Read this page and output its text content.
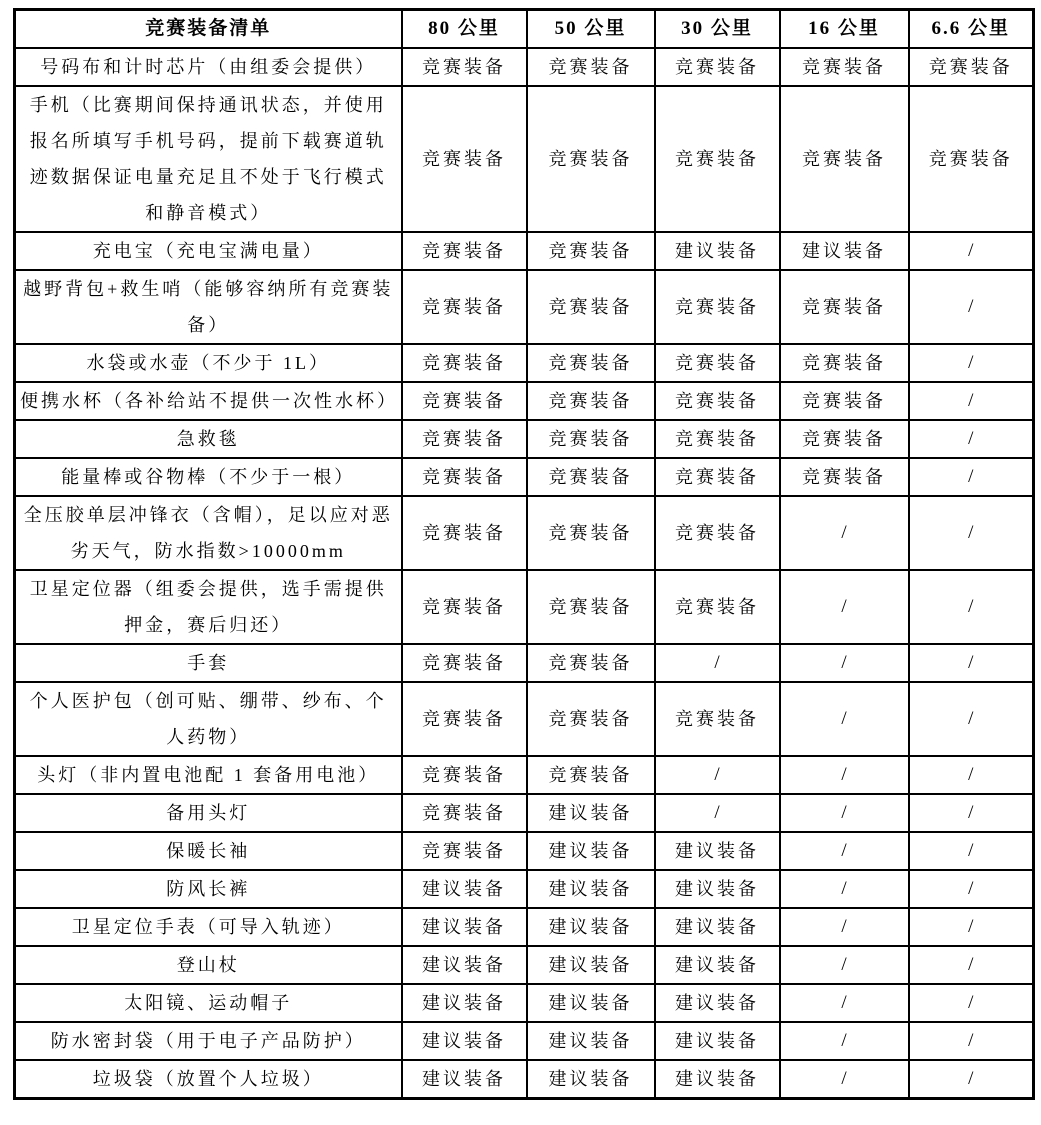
竞赛装备清单	80 公里	50 公里	30 公里	16 公里	6.6 公里
号码布和计时芯片（由组委会提供）	竞赛装备	竞赛装备	竞赛装备	竞赛装备	竞赛装备
手机（比赛期间保持通讯状态，并使用报名所填写手机号码，提前下载赛道轨迹数据保证电量充足且不处于飞行模式和静音模式）	竞赛装备	竞赛装备	竞赛装备	竞赛装备	竞赛装备
充电宝（充电宝满电量）	竞赛装备	竞赛装备	建议装备	建议装备	/
越野背包+救生哨（能够容纳所有竞赛装备）	竞赛装备	竞赛装备	竞赛装备	竞赛装备	/
水袋或水壶（不少于 1L）	竞赛装备	竞赛装备	竞赛装备	竞赛装备	/
便携水杯（各补给站不提供一次性水杯）	竞赛装备	竞赛装备	竞赛装备	竞赛装备	/
急救毯	竞赛装备	竞赛装备	竞赛装备	竞赛装备	/
能量棒或谷物棒（不少于一根）	竞赛装备	竞赛装备	竞赛装备	竞赛装备	/
全压胶单层冲锋衣（含帽），足以应对恶劣天气，防水指数>10000mm	竞赛装备	竞赛装备	竞赛装备	/	/
卫星定位器（组委会提供，选手需提供押金，赛后归还）	竞赛装备	竞赛装备	竞赛装备	/	/
手套	竞赛装备	竞赛装备	/	/	/
个人医护包（创可贴、绷带、纱布、个人药物）	竞赛装备	竞赛装备	竞赛装备	/	/
头灯（非内置电池配 1 套备用电池）	竞赛装备	竞赛装备	/	/	/
备用头灯	竞赛装备	建议装备	/	/	/
保暖长袖	竞赛装备	建议装备	建议装备	/	/
防风长裤	建议装备	建议装备	建议装备	/	/
卫星定位手表（可导入轨迹）	建议装备	建议装备	建议装备	/	/
登山杖	建议装备	建议装备	建议装备	/	/
太阳镜、运动帽子	建议装备	建议装备	建议装备	/	/
防水密封袋（用于电子产品防护）	建议装备	建议装备	建议装备	/	/
垃圾袋（放置个人垃圾）	建议装备	建议装备	建议装备	/	/
